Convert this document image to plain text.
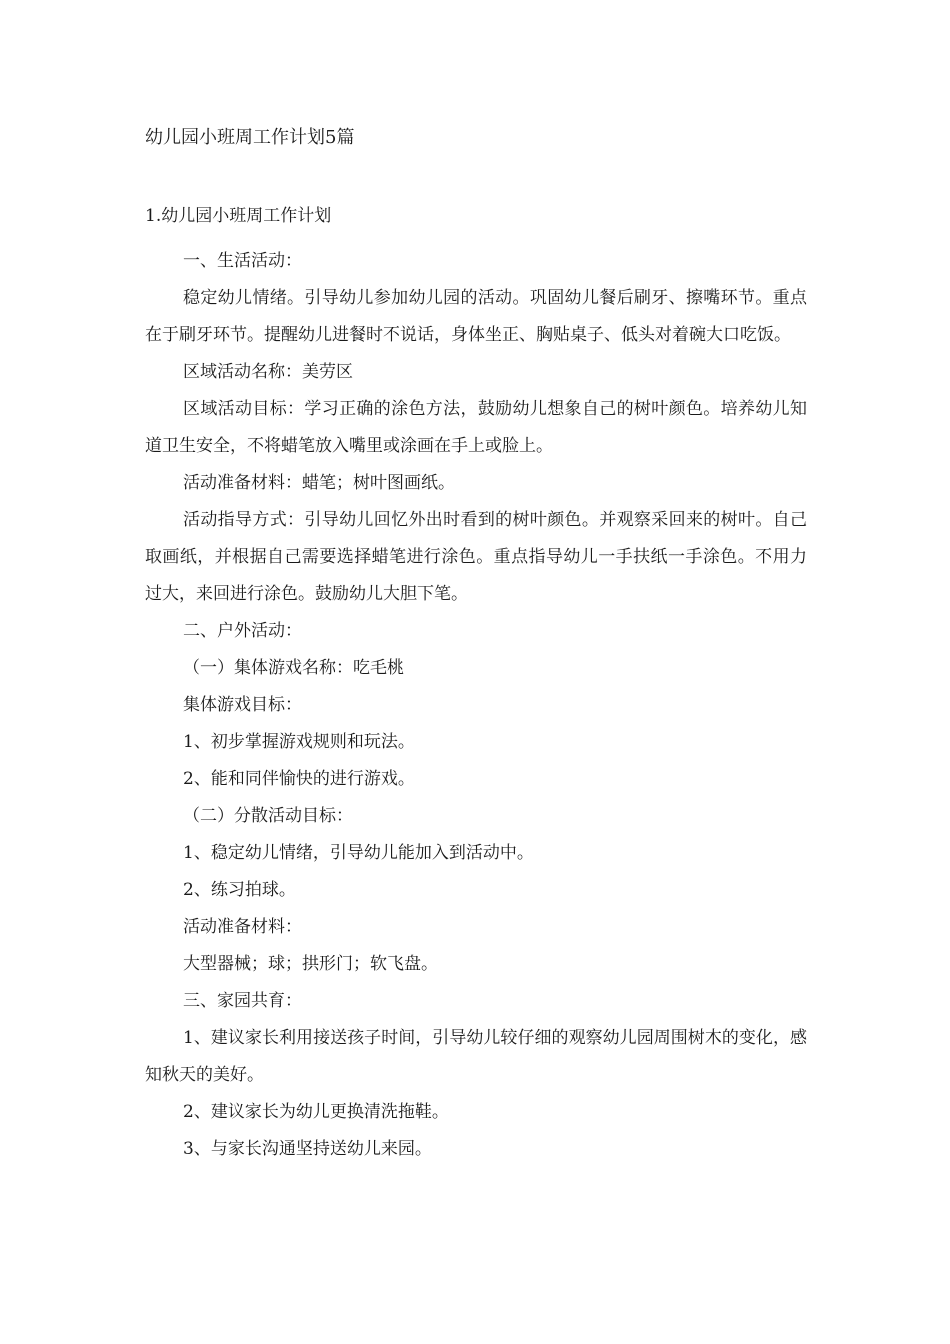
幼儿园小班周工作计划5篇

1.幼儿园小班周工作计划

一、生活活动：

稳定幼儿情绪。引导幼儿参加幼儿园的活动。巩固幼儿餐后刷牙、擦嘴环节。重点在于刷牙环节。提醒幼儿进餐时不说话，身体坐正、胸贴桌子、低头对着碗大口吃饭。

区域活动名称：美劳区

区域活动目标：学习正确的涂色方法，鼓励幼儿想象自己的树叶颜色。培养幼儿知道卫生安全，不将蜡笔放入嘴里或涂画在手上或脸上。

活动准备材料：蜡笔；树叶图画纸。

活动指导方式：引导幼儿回忆外出时看到的树叶颜色。并观察采回来的树叶。自己取画纸，并根据自己需要选择蜡笔进行涂色。重点指导幼儿一手扶纸一手涂色。不用力过大，来回进行涂色。鼓励幼儿大胆下笔。

二、户外活动：

（一）集体游戏名称：吃毛桃

集体游戏目标：

1、初步掌握游戏规则和玩法。

2、能和同伴愉快的进行游戏。

（二）分散活动目标：

1、稳定幼儿情绪，引导幼儿能加入到活动中。

2、练习拍球。

活动准备材料：

大型器械；球；拱形门；软飞盘。

三、家园共育：

1、建议家长利用接送孩子时间，引导幼儿较仔细的观察幼儿园周围树木的变化，感知秋天的美好。

2、建议家长为幼儿更换清洗拖鞋。

3、与家长沟通坚持送幼儿来园。
